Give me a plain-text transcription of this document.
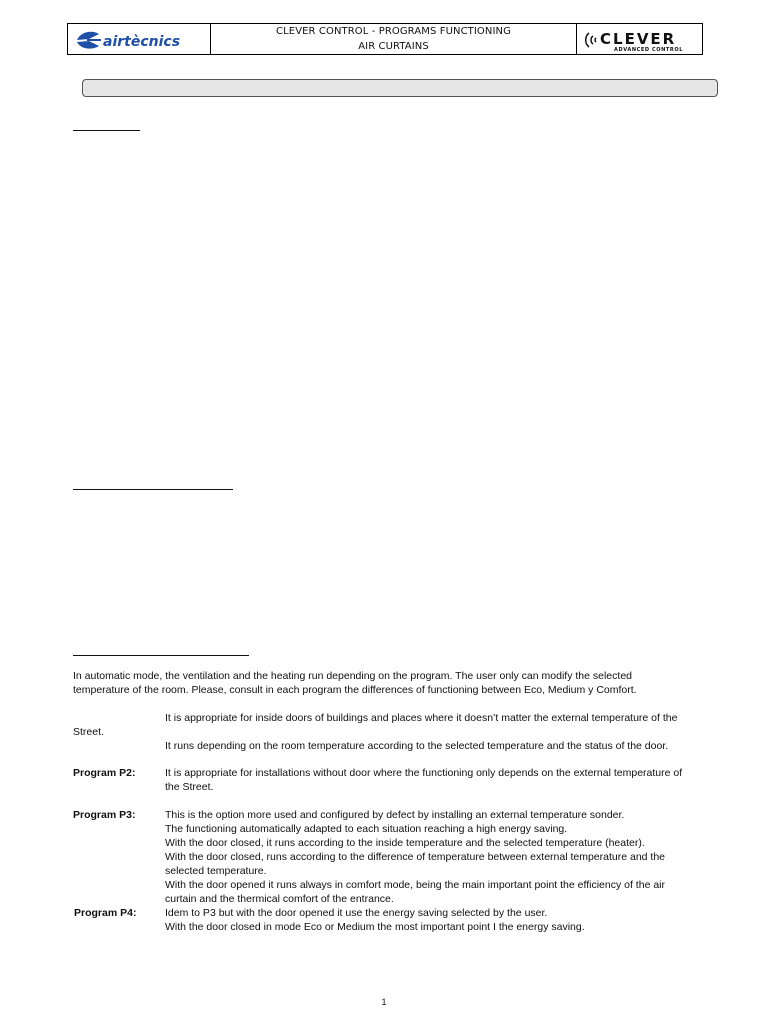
airtècnics
CLEVER CONTROL - PROGRAMS FUNCTIONING
AIR CURTAINS	CLEVER
ADVANCED CONTROL
In automatic mode, the ventilation and the heating run depending on the program. The user only can modify the selected
temperature of the room. Please, consult in each program the differences of functioning between Eco, Medium y Comfort.
It is appropriate for inside doors of buildings and places where it doesn’t matter the external temperature of the
Street.
It runs depending on the room temperature according to the selected temperature and the status of the door.
Program P2:	It is appropriate for installations without door where the functioning only depends on the external temperature of
the Street.
Program P3:	This is the option more used and configured by defect by installing an external temperature sonder.
The functioning automatically adapted to each situation reaching a high energy saving.
With the door closed, it runs according to the inside temperature and the selected temperature (heater).
With the door closed, runs according to the difference of temperature between external temperature and the
selected temperature.
With the door opened it runs always in comfort mode, being the main important point the efficiency of the air
curtain and the thermical comfort of the entrance.
Program P4:	Idem to P3 but with the door opened it use the energy saving selected by the user.
With the door closed in mode Eco or Medium the most important point I the energy saving.
1
